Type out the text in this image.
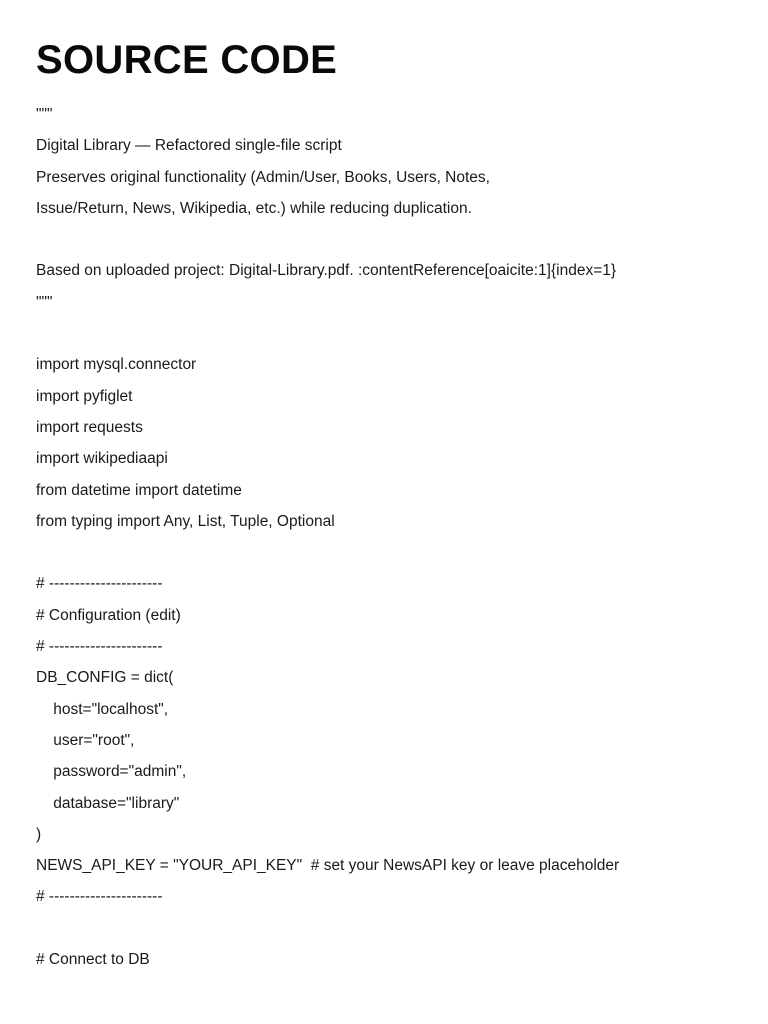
SOURCE CODE
"""
Digital Library — Refactored single-file script
Preserves original functionality (Admin/User, Books, Users, Notes,
Issue/Return, News, Wikipedia, etc.) while reducing duplication.
Based on uploaded project: Digital-Library.pdf. :contentReference[oaicite:1]{index=1}
"""
import mysql.connector
import pyfiglet
import requests
import wikipediaapi
from datetime import datetime
from typing import Any, List, Tuple, Optional
# ----------------------
# Configuration (edit)
# ----------------------
DB_CONFIG = dict(
host="localhost",
user="root",
password="admin",
database="library"
)
NEWS_API_KEY = "YOUR_API_KEY"  # set your NewsAPI key or leave placeholder
# ----------------------
# Connect to DB
